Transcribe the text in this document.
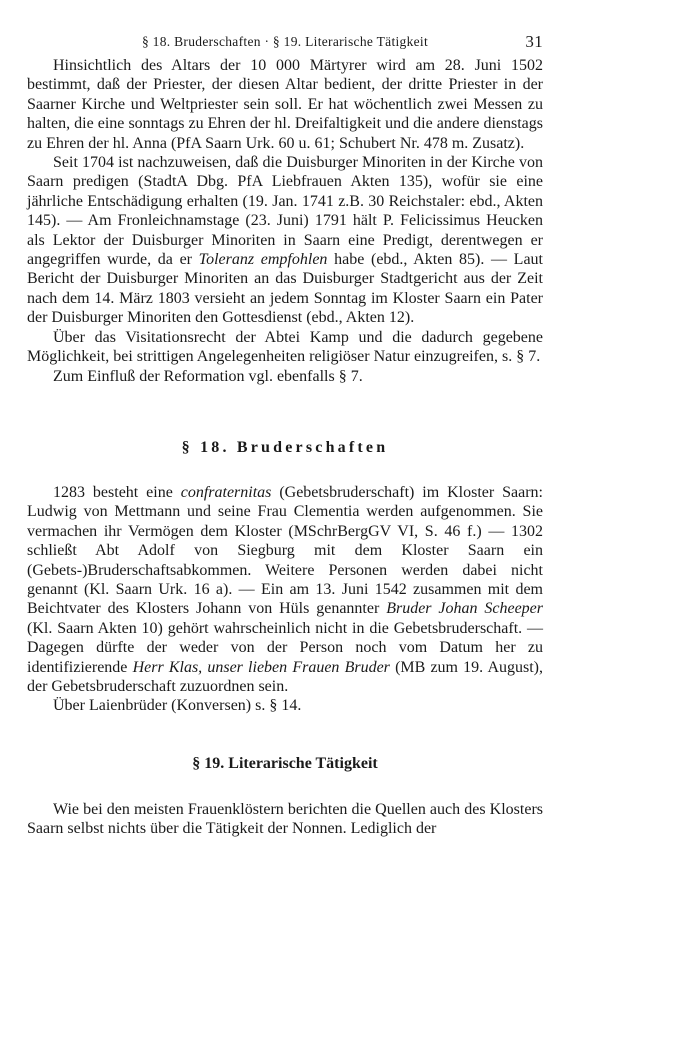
§ 18. Bruderschaften · § 19. Literarische Tätigkeit	31

Hinsichtlich des Altars der 10 000 Märtyrer wird am 28. Juni 1502 bestimmt, daß der Priester, der diesen Altar bedient, der dritte Priester in der Saarner Kirche und Weltpriester sein soll. Er hat wöchentlich zwei Messen zu halten, die eine sonntags zu Ehren der hl. Dreifaltigkeit und die andere dienstags zu Ehren der hl. Anna (PfA Saarn Urk. 60 u. 61; Schubert Nr. 478 m. Zusatz).

Seit 1704 ist nachzuweisen, daß die Duisburger Minoriten in der Kirche von Saarn predigen (StadtA Dbg. PfA Liebfrauen Akten 135), wofür sie eine jährliche Entschädigung erhalten (19. Jan. 1741 z.B. 30 Reichstaler: ebd., Akten 145). — Am Fronleichnamstage (23. Juni) 1791 hält P. Felicissimus Heucken als Lektor der Duisburger Minoriten in Saarn eine Predigt, derentwegen er angegriffen wurde, da er Toleranz empfohlen habe (ebd., Akten 85). — Laut Bericht der Duisburger Minoriten an das Duisburger Stadtgericht aus der Zeit nach dem 14. März 1803 versieht an jedem Sonntag im Kloster Saarn ein Pater der Duisburger Minoriten den Gottesdienst (ebd., Akten 12).

Über das Visitationsrecht der Abtei Kamp und die dadurch gegebene Möglichkeit, bei strittigen Angelegenheiten religiöser Natur einzugreifen, s. § 7.

Zum Einfluß der Reformation vgl. ebenfalls § 7.

§ 18. Bruderschaften

1283 besteht eine confraternitas (Gebetsbruderschaft) im Kloster Saarn: Ludwig von Mettmann und seine Frau Clementia werden aufgenommen. Sie vermachen ihr Vermögen dem Kloster (MSchrBergGV VI, S. 46 f.) — 1302 schließt Abt Adolf von Siegburg mit dem Kloster Saarn ein (Gebets-)Bruderschaftsabkommen. Weitere Personen werden dabei nicht genannt (Kl. Saarn Urk. 16 a). — Ein am 13. Juni 1542 zusammen mit dem Beichtvater des Klosters Johann von Hüls genannter Bruder Johan Scheeper (Kl. Saarn Akten 10) gehört wahrscheinlich nicht in die Gebetsbruderschaft. — Dagegen dürfte der weder von der Person noch vom Datum her zu identifizierende Herr Klas, unser lieben Frauen Bruder (MB zum 19. August), der Gebetsbruderschaft zuzuordnen sein.

Über Laienbrüder (Konversen) s. § 14.

§ 19. Literarische Tätigkeit

Wie bei den meisten Frauenklöstern berichten die Quellen auch des Klosters Saarn selbst nichts über die Tätigkeit der Nonnen. Lediglich der
